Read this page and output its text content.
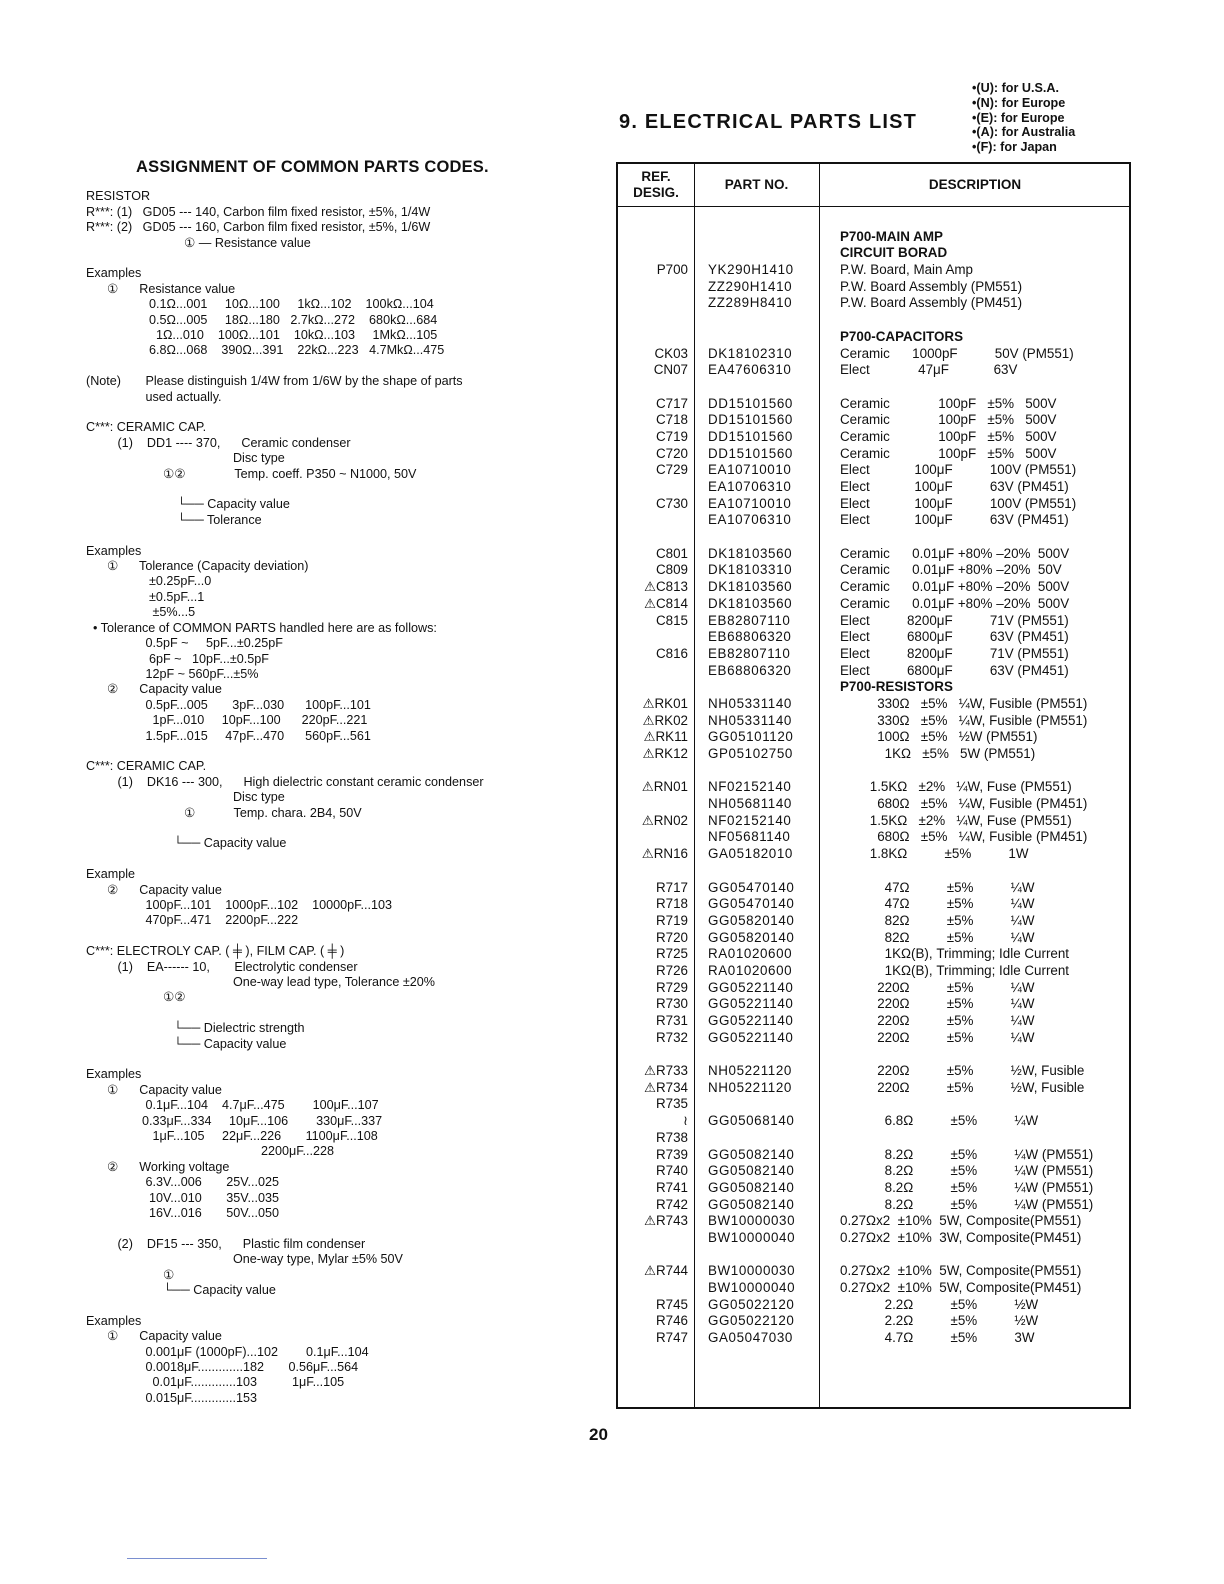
ASSIGNMENT OF COMMON PARTS CODES.
RESISTOR
R***: (1)   GD05 --- 140, Carbon film fixed resistor, ±5%, 1/4W
R***: (2)   GD05 --- 160, Carbon film fixed resistor, ±5%, 1/6W
① — Resistance value
Examples
①      Resistance value
0.1Ω...001     10Ω...100     1kΩ...102    100kΩ...104
0.5Ω...005     18Ω...180   2.7kΩ...272    680kΩ...684
1Ω...010    100Ω...101    10kΩ...103     1MkΩ...105
6.8Ω...068    390Ω...391    22kΩ...223   4.7MkΩ...475
(Note)       Please distinguish 1/4W from 1/6W by the shape of parts
used actually.
C***: CERAMIC CAP.
(1)    DD1 ---- 370,      Ceramic condenser
Disc type
①②              Temp. coeff. P350 ~ N1000, 50V
└── Capacity value
└── Tolerance
Examples
①      Tolerance (Capacity deviation)
±0.25pF...0
±0.5pF...1
±5%...5
• Tolerance of COMMON PARTS handled here are as follows:
0.5pF ~     5pF...±0.25pF
6pF ~   10pF...±0.5pF
12pF ~ 560pF...±5%
②      Capacity value
0.5pF...005       3pF...030      100pF...101
1pF...010     10pF...100      220pF...221
1.5pF...015     47pF...470      560pF...561
C***: CERAMIC CAP.
(1)    DK16 --- 300,      High dielectric constant ceramic condenser
Disc type
①           Temp. chara. 2B4, 50V
└── Capacity value
Example
②      Capacity value
100pF...101    1000pF...102    10000pF...103
470pF...471    2200pF...222
C***: ELECTROLY CAP. ( ╪ ), FILM CAP. ( ╪ )
(1)    EA------ 10,       Electrolytic condenser
One-way lead type, Tolerance ±20%
①②
└── Dielectric strength
└── Capacity value
Examples
①      Capacity value
0.1μF...104    4.7μF...475        100μF...107
0.33μF...334     10μF...106        330μF...337
1μF...105     22μF...226       1100μF...108
2200μF...228
②      Working voltage
6.3V...006       25V...025
10V...010       35V...035
16V...016       50V...050
(2)    DF15 --- 350,      Plastic film condenser
One-way type, Mylar ±5% 50V
①
└── Capacity value
Examples
①      Capacity value
0.001μF (1000pF)...102        0.1μF...104
0.0018μF.............182       0.56μF...564
0.01μF.............103          1μF...105
0.015μF.............153
9. ELECTRICAL PARTS LIST
•(U): for U.S.A.
•(N): for Europe
•(E): for Europe
•(A): for Australia
•(F): for Japan
REF.
DESIG.
PART NO.	DESCRIPTION
P700
CK03
CN07
C717
C718
C719
C720
C729
C730
C801
C809
⚠C813
⚠C814
C815
C816
⚠RK01
⚠RK02
⚠RK11
⚠RK12
⚠RN01
⚠RN02
⚠RN16
R717
R718
R719
R720
R725
R726
R729
R730
R731
R732
⚠R733
⚠R734
R735
≀
R738
R739
R740
R741
R742
⚠R743
⚠R744
R745
R746
R747
YK290H1410
ZZ290H1410
ZZ289H8410
DK18102310
EA47606310
DD15101560
DD15101560
DD15101560
DD15101560
EA10710010
EA10706310
EA10710010
EA10706310
DK18103560
DK18103310
DK18103560
DK18103560
EB82807110
EB68806320
EB82807110
EB68806320
NH05331140
NH05331140
GG05101120
GP05102750
NF02152140
NH05681140
NF02152140
NF05681140
GA05182010
GG05470140
GG05470140
GG05820140
GG05820140
RA01020600
RA01020600
GG05221140
GG05221140
GG05221140
GG05221140
NH05221120
NH05221120
GG05068140
GG05082140
GG05082140
GG05082140
GG05082140
BW10000030
BW10000040
BW10000030
BW10000040
GG05022120
GG05022120
GA05047030
P700-MAIN AMP
CIRCUIT BORAD
P.W. Board, Main Amp
P.W. Board Assembly (PM551)
P.W. Board Assembly (PM451)
P700-CAPACITORS
Ceramic      1000pF          50V (PM551)
Elect             47μF            63V
Ceramic             100pF   ±5%   500V
Ceramic             100pF   ±5%   500V
Ceramic             100pF   ±5%   500V
Ceramic             100pF   ±5%   500V
Elect            100μF          100V (PM551)
Elect            100μF          63V (PM451)
Elect            100μF          100V (PM551)
Elect            100μF          63V (PM451)
Ceramic      0.01μF +80% –20%  500V
Ceramic      0.01μF +80% –20%  50V
Ceramic      0.01μF +80% –20%  500V
Ceramic      0.01μF +80% –20%  500V
Elect          8200μF          71V (PM551)
Elect          6800μF          63V (PM451)
Elect          8200μF          71V (PM551)
Elect          6800μF          63V (PM451)
P700-RESISTORS
330Ω   ±5%   ¼W, Fusible (PM551)
330Ω   ±5%   ¼W, Fusible (PM551)
100Ω   ±5%   ½W (PM551)
1KΩ   ±5%   5W (PM551)
1.5KΩ   ±2%   ¼W, Fuse (PM551)
680Ω   ±5%   ¼W, Fusible (PM451)
1.5KΩ   ±2%   ¼W, Fuse (PM551)
680Ω   ±5%   ¼W, Fusible (PM451)
1.8KΩ          ±5%          1W
47Ω          ±5%          ¼W
47Ω          ±5%          ¼W
82Ω          ±5%          ¼W
82Ω          ±5%          ¼W
1KΩ(B), Trimming; Idle Current
1KΩ(B), Trimming; Idle Current
220Ω          ±5%          ¼W
220Ω          ±5%          ¼W
220Ω          ±5%          ¼W
220Ω          ±5%          ¼W
220Ω          ±5%          ½W, Fusible
220Ω          ±5%          ½W, Fusible
6.8Ω          ±5%          ¼W
8.2Ω          ±5%          ¼W (PM551)
8.2Ω          ±5%          ¼W (PM551)
8.2Ω          ±5%          ¼W (PM551)
8.2Ω          ±5%          ¼W (PM551)
0.27Ωx2  ±10%  5W, Composite(PM551)
0.27Ωx2  ±10%  3W, Composite(PM451)
0.27Ωx2  ±10%  5W, Composite(PM551)
0.27Ωx2  ±10%  5W, Composite(PM451)
2.2Ω          ±5%          ½W
2.2Ω          ±5%          ½W
4.7Ω          ±5%          3W
20
